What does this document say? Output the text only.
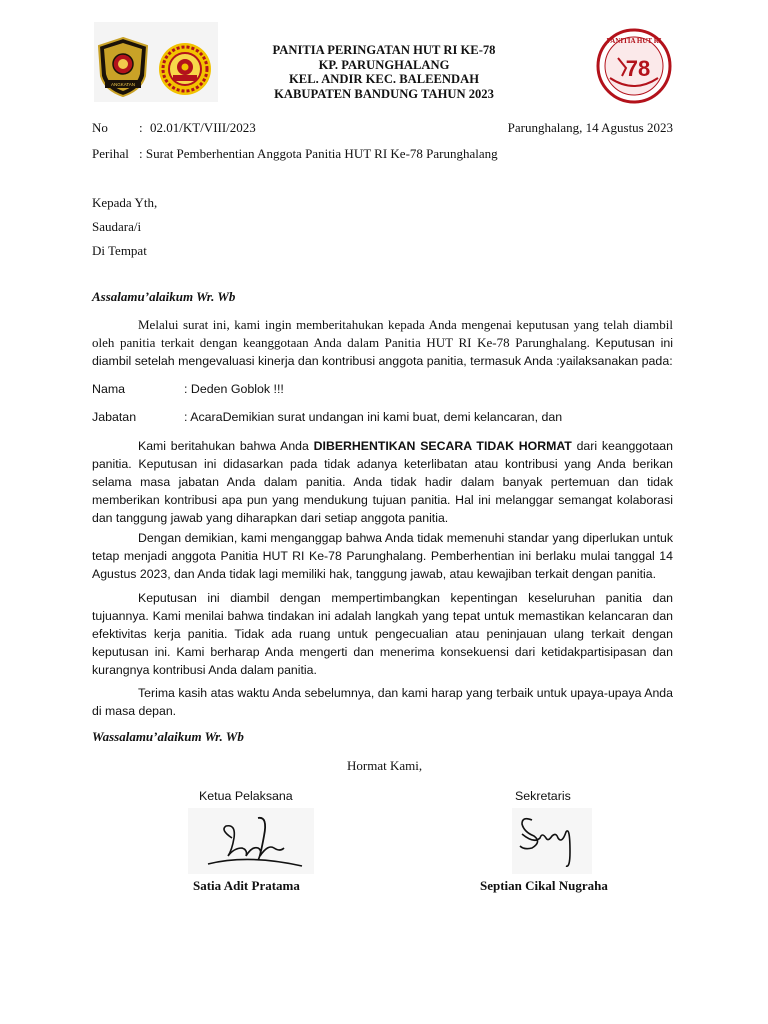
ANGKATAN
PANITIA HUT RI
78
PANITIA PERINGATAN HUT RI KE-78
KP. PARUNGHALANG
KEL. ANDIR KEC. BALEENDAH
KABUPATEN BANDUNG TAHUN 2023
No : 02.01/KT/VIII/2023	Parunghalang, 14 Agustus 2023
Perihal : Surat Pemberhentian Anggota Panitia HUT RI Ke-78 Parunghalang
Kepada Yth,
Saudara/i
Di Tempat
Assalamu’alaikum Wr. Wb
Melalui surat ini, kami ingin memberitahukan kepada Anda mengenai keputusan yang telah diambil oleh panitia terkait dengan keanggotaan Anda dalam Panitia HUT RI Ke-78 Parunghalang. Keputusan ini diambil setelah mengevaluasi kinerja dan kontribusi anggota panitia, termasuk Anda :yailaksanakan pada:
Nama	: Deden Goblok !!!
Jabatan	: AcaraDemikian surat undangan ini kami buat, demi kelancaran, dan
Kami beritahukan bahwa Anda DIBERHENTIKAN SECARA TIDAK HORMAT dari keanggotaan panitia. Keputusan ini didasarkan pada tidak adanya keterlibatan atau kontribusi yang Anda berikan selama masa jabatan Anda dalam panitia. Anda tidak hadir dalam banyak pertemuan dan tidak memberikan kontribusi apa pun yang mendukung tujuan panitia. Hal ini melanggar semangat kolaborasi dan tanggung jawab yang diharapkan dari setiap anggota panitia.
Dengan demikian, kami menganggap bahwa Anda tidak memenuhi standar yang diperlukan untuk tetap menjadi anggota Panitia HUT RI Ke-78 Parunghalang. Pemberhentian ini berlaku mulai tanggal 14 Agustus 2023, dan Anda tidak lagi memiliki hak, tanggung jawab, atau kewajiban terkait dengan panitia.
Keputusan ini diambil dengan mempertimbangkan kepentingan keseluruhan panitia dan tujuannya. Kami menilai bahwa tindakan ini adalah langkah yang tepat untuk memastikan kelancaran dan efektivitas kerja panitia. Tidak ada ruang untuk pengecualian atau peninjauan ulang terkait dengan keputusan ini. Kami berharap Anda mengerti dan menerima konsekuensi dari ketidakpartisipasan dan kurangnya kontribusi Anda dalam panitia.
Terima kasih atas waktu Anda sebelumnya, dan kami harap yang terbaik untuk upaya-upaya Anda di masa depan.
Wassalamu’alaikum Wr. Wb
Hormat Kami,
Ketua Pelaksana	Sekretaris
Satia Adit Pratama	Septian Cikal Nugraha
